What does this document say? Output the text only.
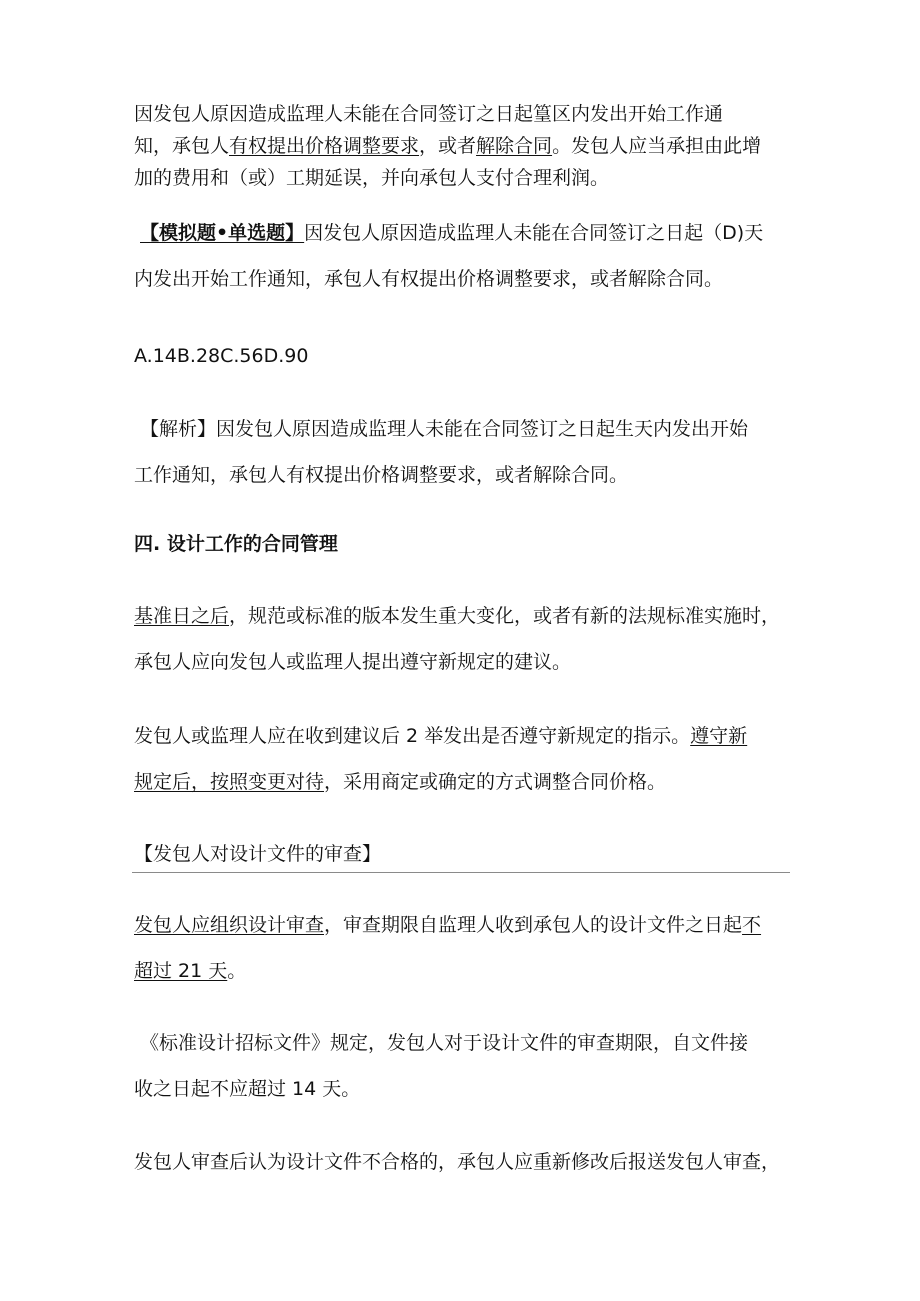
因发包人原因造成监理人未能在合同签订之日起篁区内发出开始工作通
知，承包人有权提出价格调整要求，或者解除合同。发包人应当承担由此增
加的费用和（或）工期延误，并向承包人支付合理利润。
【模拟题•单选题】因发包人原因造成监理人未能在合同签订之日起（D)天
内发出开始工作通知，承包人有权提出价格调整要求，或者解除合同。
A.14B.28C.56D.90
【解析】因发包人原因造成监理人未能在合同签订之日起生天内发出开始
工作通知，承包人有权提出价格调整要求，或者解除合同。
四. 设计工作的合同管理
基准日之后，规范或标准的版本发生重大变化，或者有新的法规标准实施时，
承包人应向发包人或监理人提出遵守新规定的建议。
发包人或监理人应在收到建议后 2 举发出是否遵守新规定的指示。遵守新
规定后，按照变更对待，采用商定或确定的方式调整合同价格。
【发包人对设计文件的审查】
发包人应组织设计审查，审查期限自监理人收到承包人的设计文件之日起不
超过 21 天。
《标准设计招标文件》规定，发包人对于设计文件的审查期限，自文件接
收之日起不应超过 14 天。
发包人审查后认为设计文件不合格的，承包人应重新修改后报送发包人审查，
